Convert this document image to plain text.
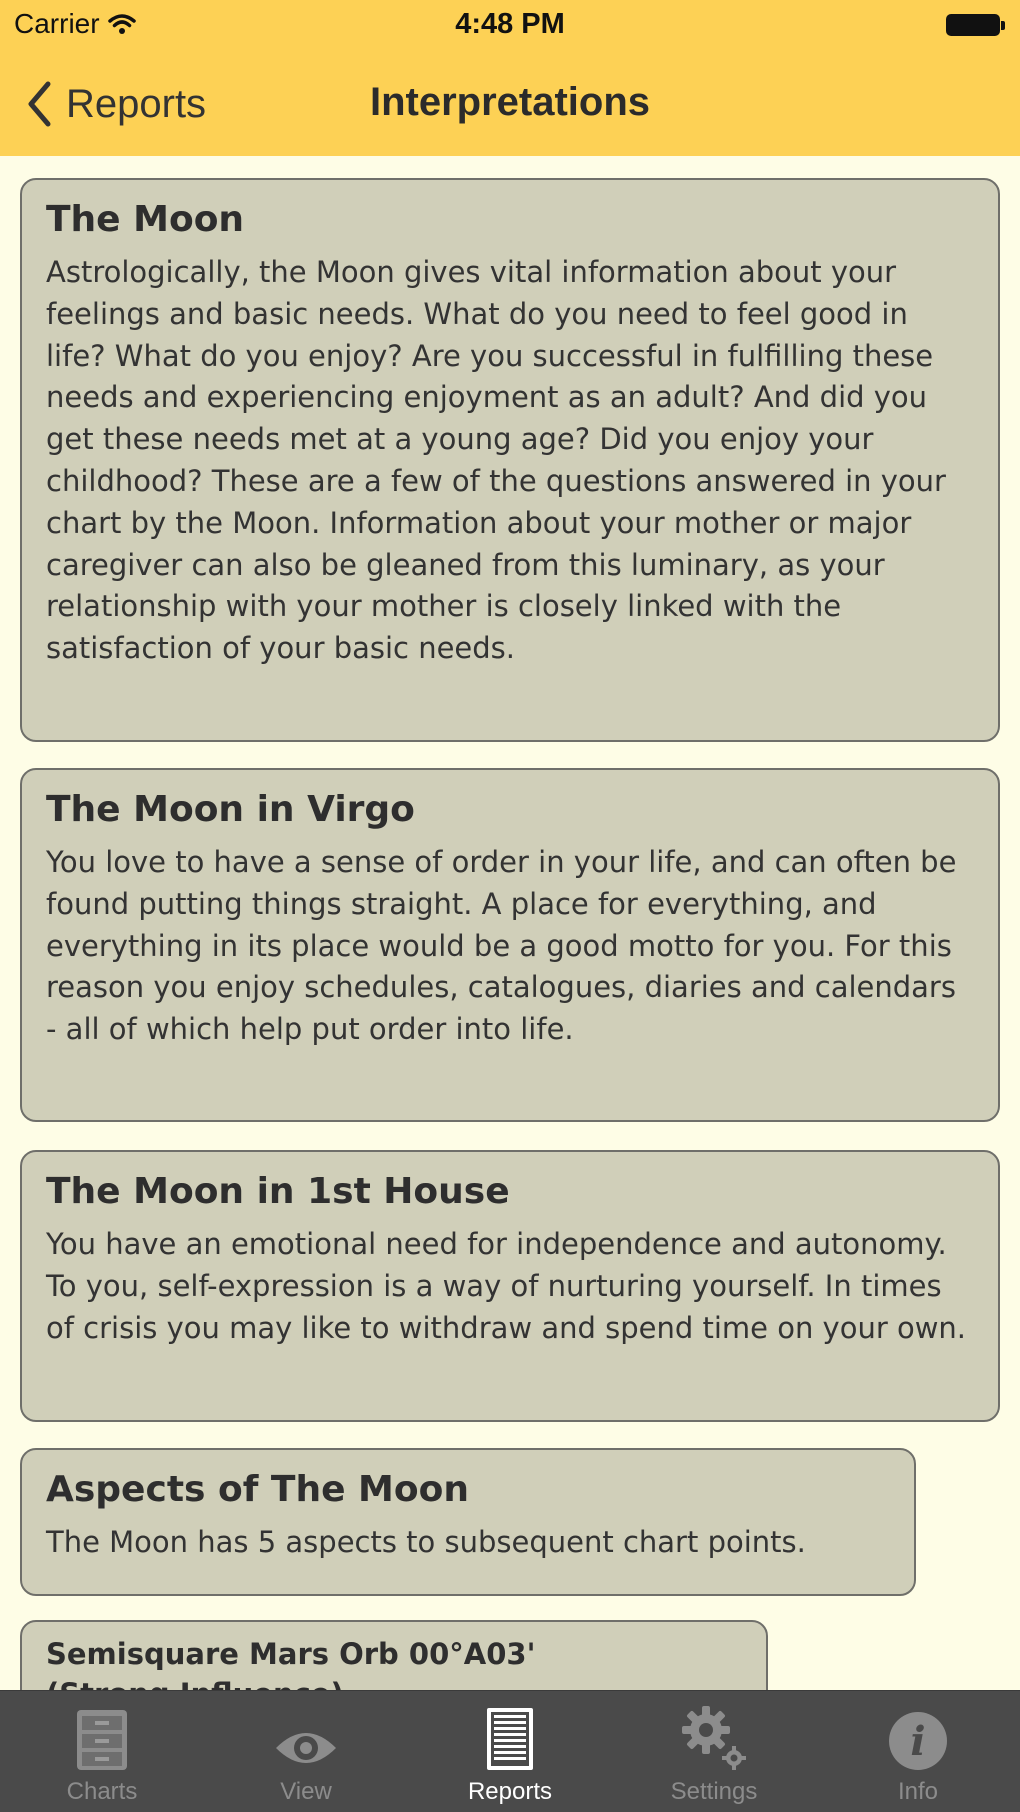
Carrier	4:48 PM
Reports	Interpretations
The Moon

Astrologically, the Moon gives vital information about your feelings and basic needs. What do you need to feel good in life? What do you enjoy? Are you successful in fulfilling these needs and experiencing enjoyment as an adult? And did you get these needs met at a young age? Did you enjoy your childhood? These are a few of the questions answered in your chart by the Moon. Information about your mother or major caregiver can also be gleaned from this luminary, as your relationship with your mother is closely linked with the satisfaction of your basic needs.

The Moon in Virgo

You love to have a sense of order in your life, and can often be found putting things straight. A place for everything, and everything in its place would be a good motto for you. For this reason you enjoy schedules, catalogues, diaries and calendars - all of which help put order into life.

The Moon in 1st House

You have an emotional need for independence and autonomy. To you, self-expression is a way of nurturing yourself. In times of crisis you may like to withdraw and spend time on your own.

Aspects of The Moon

The Moon has 5 aspects to subsequent chart points.

Semisquare Mars Orb 00°A03'
Charts	View	Reports	Settings
i
Info
